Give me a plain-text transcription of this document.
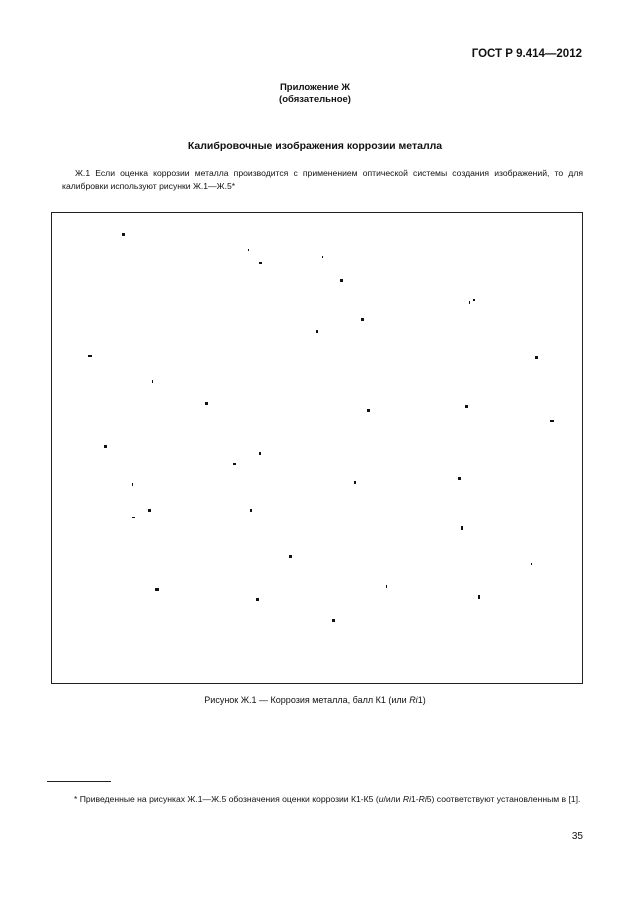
ГОСТ Р 9.414—2012
Приложение Ж
(обязательное)
Калибровочные изображения коррозии металла
Ж.1 Если оценка коррозии металла производится с применением оптической системы создания изображений, то для калибровки используют рисунки Ж.1—Ж.5*
Рисунок Ж.1 — Коррозия металла, балл К1 (или Ri1)
* Приведенные на рисунках Ж.1—Ж.5 обозначения оценки коррозии К1-К5 (и/или Ri1-Ri5) соответствуют установленным в [1].
35
